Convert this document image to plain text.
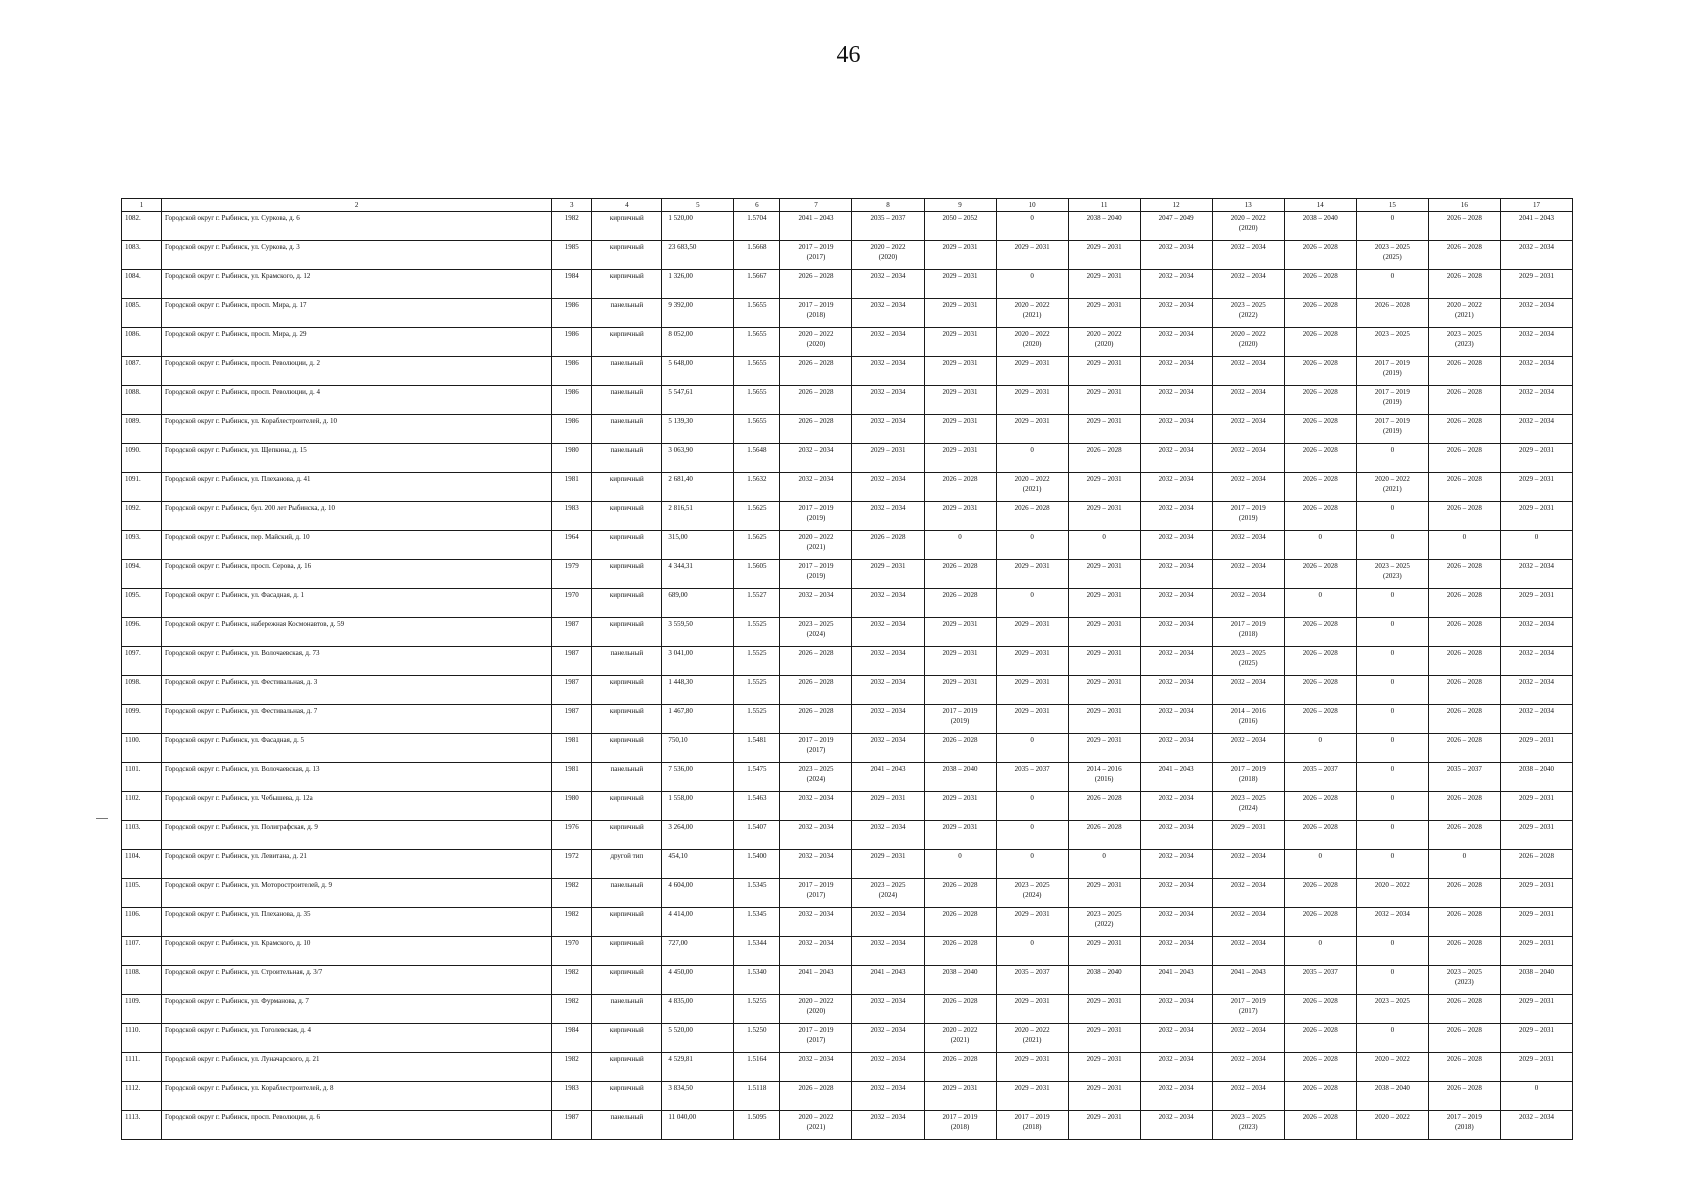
46
1	2	3	4	5	6	7	8	9	10	11	12	13	14	15	16	17
1082.	Городской округ г. Рыбинск, ул. Суркова, д. 6	1982	кирпичный	1 520,00	1.5704	2041 – 2043	2035 – 2037	2050 – 2052	0	2038 – 2040	2047 – 2049	2020 – 2022
(2020)	2038 – 2040	0	2026 – 2028	2041 – 2043
1083.	Городской округ г. Рыбинск, ул. Суркова, д. 3	1985	кирпичный	23 683,50	1.5668	2017 – 2019
(2017)	2020 – 2022
(2020)	2029 – 2031	2029 – 2031	2029 – 2031	2032 – 2034	2032 – 2034	2026 – 2028	2023 – 2025
(2025)	2026 – 2028	2032 – 2034
1084.	Городской округ г. Рыбинск, ул. Крамского, д. 12	1984	кирпичный	1 326,00	1.5667	2026 – 2028	2032 – 2034	2029 – 2031	0	2029 – 2031	2032 – 2034	2032 – 2034	2026 – 2028	0	2026 – 2028	2029 – 2031
1085.	Городской округ г. Рыбинск, просп. Мира, д. 17	1986	панельный	9 392,00	1.5655	2017 – 2019
(2018)	2032 – 2034	2029 – 2031	2020 – 2022
(2021)	2029 – 2031	2032 – 2034	2023 – 2025
(2022)	2026 – 2028	2026 – 2028	2020 – 2022
(2021)	2032 – 2034
1086.	Городской округ г. Рыбинск, просп. Мира, д. 29	1986	кирпичный	8 052,00	1.5655	2020 – 2022
(2020)	2032 – 2034	2029 – 2031	2020 – 2022
(2020)	2020 – 2022
(2020)	2032 – 2034	2020 – 2022
(2020)	2026 – 2028	2023 – 2025	2023 – 2025
(2023)	2032 – 2034
1087.	Городской округ г. Рыбинск, просп. Революции, д. 2	1986	панельный	5 648,00	1.5655	2026 – 2028	2032 – 2034	2029 – 2031	2029 – 2031	2029 – 2031	2032 – 2034	2032 – 2034	2026 – 2028	2017 – 2019
(2019)	2026 – 2028	2032 – 2034
1088.	Городской округ г. Рыбинск, просп. Революции, д. 4	1986	панельный	5 547,61	1.5655	2026 – 2028	2032 – 2034	2029 – 2031	2029 – 2031	2029 – 2031	2032 – 2034	2032 – 2034	2026 – 2028	2017 – 2019
(2019)	2026 – 2028	2032 – 2034
1089.	Городской округ г. Рыбинск, ул. Кораблестроителей, д. 10	1986	панельный	5 139,30	1.5655	2026 – 2028	2032 – 2034	2029 – 2031	2029 – 2031	2029 – 2031	2032 – 2034	2032 – 2034	2026 – 2028	2017 – 2019
(2019)	2026 – 2028	2032 – 2034
1090.	Городской округ г. Рыбинск, ул. Щепкина, д. 15	1980	панельный	3 063,90	1.5648	2032 – 2034	2029 – 2031	2029 – 2031	0	2026 – 2028	2032 – 2034	2032 – 2034	2026 – 2028	0	2026 – 2028	2029 – 2031
1091.	Городской округ г. Рыбинск, ул. Плеханова, д. 41	1981	кирпичный	2 681,40	1.5632	2032 – 2034	2032 – 2034	2026 – 2028	2020 – 2022
(2021)	2029 – 2031	2032 – 2034	2032 – 2034	2026 – 2028	2020 – 2022
(2021)	2026 – 2028	2029 – 2031
1092.	Городской округ г. Рыбинск, бул. 200 лет Рыбинска, д. 10	1983	кирпичный	2 816,51	1.5625	2017 – 2019
(2019)	2032 – 2034	2029 – 2031	2026 – 2028	2029 – 2031	2032 – 2034	2017 – 2019
(2019)	2026 – 2028	0	2026 – 2028	2029 – 2031
1093.	Городской округ г. Рыбинск, пер. Майский, д. 10	1964	кирпичный	315,00	1.5625	2020 – 2022
(2021)	2026 – 2028	0	0	0	2032 – 2034	2032 – 2034	0	0	0	0
1094.	Городской округ г. Рыбинск, просп. Серова, д. 16	1979	кирпичный	4 344,31	1.5605	2017 – 2019
(2019)	2029 – 2031	2026 – 2028	2029 – 2031	2029 – 2031	2032 – 2034	2032 – 2034	2026 – 2028	2023 – 2025
(2023)	2026 – 2028	2032 – 2034
1095.	Городской округ г. Рыбинск, ул. Фасадная, д. 1	1970	кирпичный	689,00	1.5527	2032 – 2034	2032 – 2034	2026 – 2028	0	2029 – 2031	2032 – 2034	2032 – 2034	0	0	2026 – 2028	2029 – 2031
1096.	Городской округ г. Рыбинск, набережная Космонавтов, д. 59	1987	кирпичный	3 559,50	1.5525	2023 – 2025
(2024)	2032 – 2034	2029 – 2031	2029 – 2031	2029 – 2031	2032 – 2034	2017 – 2019
(2018)	2026 – 2028	0	2026 – 2028	2032 – 2034
1097.	Городской округ г. Рыбинск, ул. Волочаевская, д. 73	1987	панельный	3 041,00	1.5525	2026 – 2028	2032 – 2034	2029 – 2031	2029 – 2031	2029 – 2031	2032 – 2034	2023 – 2025
(2025)	2026 – 2028	0	2026 – 2028	2032 – 2034
1098.	Городской округ г. Рыбинск, ул. Фестивальная, д. 3	1987	кирпичный	1 448,30	1.5525	2026 – 2028	2032 – 2034	2029 – 2031	2029 – 2031	2029 – 2031	2032 – 2034	2032 – 2034	2026 – 2028	0	2026 – 2028	2032 – 2034
1099.	Городской округ г. Рыбинск, ул. Фестивальная, д. 7	1987	кирпичный	1 467,80	1.5525	2026 – 2028	2032 – 2034	2017 – 2019
(2019)	2029 – 2031	2029 – 2031	2032 – 2034	2014 – 2016
(2016)	2026 – 2028	0	2026 – 2028	2032 – 2034
1100.	Городской округ г. Рыбинск, ул. Фасадная, д. 5	1981	кирпичный	750,10	1.5481	2017 – 2019
(2017)	2032 – 2034	2026 – 2028	0	2029 – 2031	2032 – 2034	2032 – 2034	0	0	2026 – 2028	2029 – 2031
1101.	Городской округ г. Рыбинск, ул. Волочаевская, д. 13	1981	панельный	7 536,00	1.5475	2023 – 2025
(2024)	2041 – 2043	2038 – 2040	2035 – 2037	2014 – 2016
(2016)	2041 – 2043	2017 – 2019
(2018)	2035 – 2037	0	2035 – 2037	2038 – 2040
1102.	Городской округ г. Рыбинск, ул. Чебышева, д. 12а	1980	кирпичный	1 558,00	1.5463	2032 – 2034	2029 – 2031	2029 – 2031	0	2026 – 2028	2032 – 2034	2023 – 2025
(2024)	2026 – 2028	0	2026 – 2028	2029 – 2031
1103.	Городской округ г. Рыбинск, ул. Полиграфская, д. 9	1976	кирпичный	3 264,00	1.5407	2032 – 2034	2032 – 2034	2029 – 2031	0	2026 – 2028	2032 – 2034	2029 – 2031	2026 – 2028	0	2026 – 2028	2029 – 2031
1104.	Городской округ г. Рыбинск, ул. Левитана, д. 21	1972	другой тип	454,10	1.5400	2032 – 2034	2029 – 2031	0	0	0	2032 – 2034	2032 – 2034	0	0	0	2026 – 2028
1105.	Городской округ г. Рыбинск, ул. Моторостроителей, д. 9	1982	панельный	4 604,00	1.5345	2017 – 2019
(2017)	2023 – 2025
(2024)	2026 – 2028	2023 – 2025
(2024)	2029 – 2031	2032 – 2034	2032 – 2034	2026 – 2028	2020 – 2022	2026 – 2028	2029 – 2031
1106.	Городской округ г. Рыбинск, ул. Плеханова, д. 35	1982	кирпичный	4 414,00	1.5345	2032 – 2034	2032 – 2034	2026 – 2028	2029 – 2031	2023 – 2025
(2022)	2032 – 2034	2032 – 2034	2026 – 2028	2032 – 2034	2026 – 2028	2029 – 2031
1107.	Городской округ г. Рыбинск, ул. Крамского, д. 10	1970	кирпичный	727,00	1.5344	2032 – 2034	2032 – 2034	2026 – 2028	0	2029 – 2031	2032 – 2034	2032 – 2034	0	0	2026 – 2028	2029 – 2031
1108.	Городской округ г. Рыбинск, ул. Строительная, д. 3/7	1982	кирпичный	4 450,00	1.5340	2041 – 2043	2041 – 2043	2038 – 2040	2035 – 2037	2038 – 2040	2041 – 2043	2041 – 2043	2035 – 2037	0	2023 – 2025
(2023)	2038 – 2040
1109.	Городской округ г. Рыбинск, ул. Фурманова, д. 7	1982	панельный	4 835,00	1.5255	2020 – 2022
(2020)	2032 – 2034	2026 – 2028	2029 – 2031	2029 – 2031	2032 – 2034	2017 – 2019
(2017)	2026 – 2028	2023 – 2025	2026 – 2028	2029 – 2031
1110.	Городской округ г. Рыбинск, ул. Гоголевская, д. 4	1984	кирпичный	5 520,00	1.5250	2017 – 2019
(2017)	2032 – 2034	2020 – 2022
(2021)	2020 – 2022
(2021)	2029 – 2031	2032 – 2034	2032 – 2034	2026 – 2028	0	2026 – 2028	2029 – 2031
1111.	Городской округ г. Рыбинск, ул. Луначарского, д. 21	1982	кирпичный	4 529,81	1.5164	2032 – 2034	2032 – 2034	2026 – 2028	2029 – 2031	2029 – 2031	2032 – 2034	2032 – 2034	2026 – 2028	2020 – 2022	2026 – 2028	2029 – 2031
1112.	Городской округ г. Рыбинск, ул. Кораблестроителей, д. 8	1983	кирпичный	3 834,50	1.5118	2026 – 2028	2032 – 2034	2029 – 2031	2029 – 2031	2029 – 2031	2032 – 2034	2032 – 2034	2026 – 2028	2038 – 2040	2026 – 2028	0
1113.	Городской округ г. Рыбинск, просп. Революции, д. 6	1987	панельный	11 040,00	1.5095	2020 – 2022
(2021)	2032 – 2034	2017 – 2019
(2018)	2017 – 2019
(2018)	2029 – 2031	2032 – 2034	2023 – 2025
(2023)	2026 – 2028	2020 – 2022	2017 – 2019
(2018)	2032 – 2034
